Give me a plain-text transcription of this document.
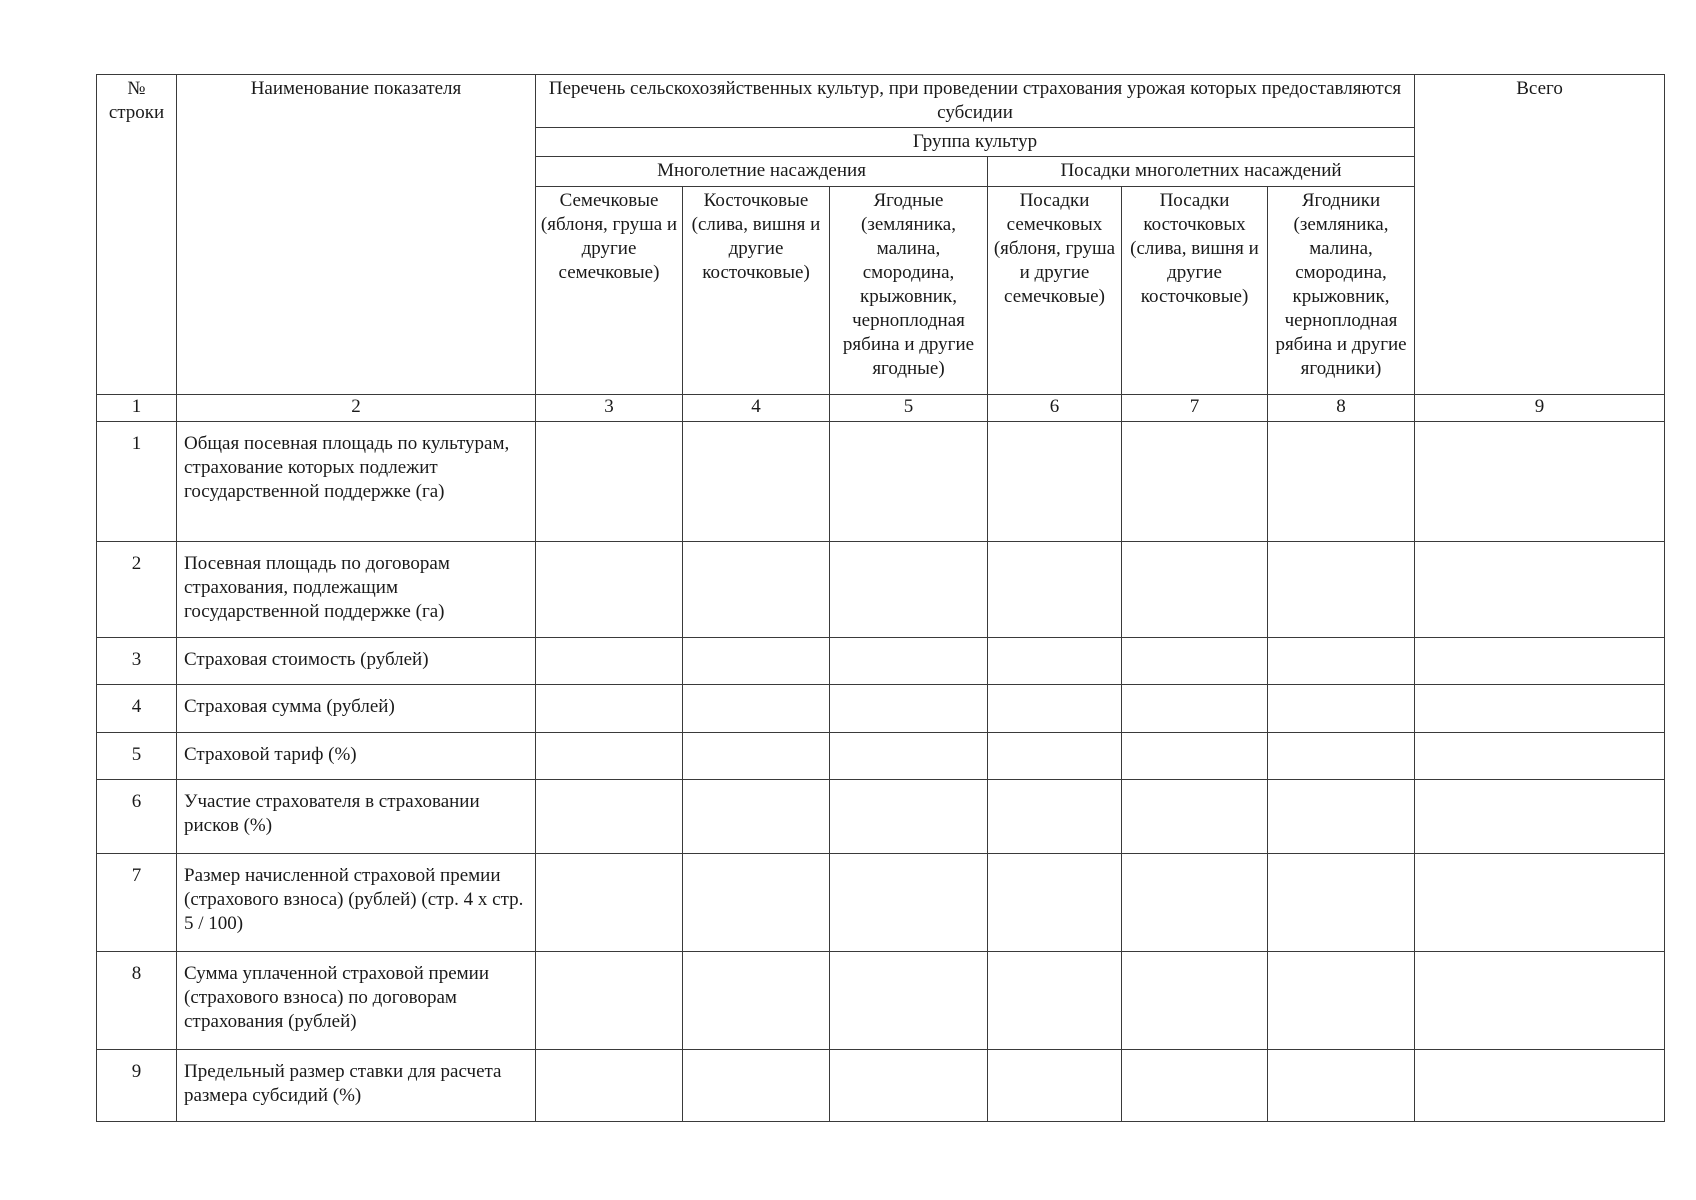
№ строки	Наименование показателя	Перечень сельскохозяйственных культур, при проведении страхования урожая которых предоставляются субсидии						Всего
		Группа культур						
		Многолетние насаждения			Посадки многолетних насаждений			
		Семечковые (яблоня, груша и другие семечковые)	Косточковые (слива, вишня и другие косточковые)	Ягодные (земляника, малина, смородина, крыжовник, черноплодная рябина и другие ягодные)	Посадки семечковых (яблоня, груша и другие семечковые)	Посадки косточковых (слива, вишня и другие косточковые)	Ягодники (земляника, малина, смородина, крыжовник, черноплодная рябина и другие ягодники)	
1	2	3	4	5	6	7	8	9
1	Общая посевная площадь по культурам, страхование которых подлежит государственной поддержке (га)							
2	Посевная площадь по договорам страхования, подлежащим государственной поддержке (га)							
3	Страховая стоимость (рублей)							
4	Страховая сумма (рублей)							
5	Страховой тариф (%)							
6	Участие страхователя в страховании рисков (%)							
7	Размер начисленной страховой премии (страхового взноса) (рублей) (стр. 4 х стр. 5 / 100)							
8	Сумма уплаченной страховой премии (страхового взноса) по договорам страхования (рублей)							
9	Предельный размер ставки для расчета размера субсидий (%)							
